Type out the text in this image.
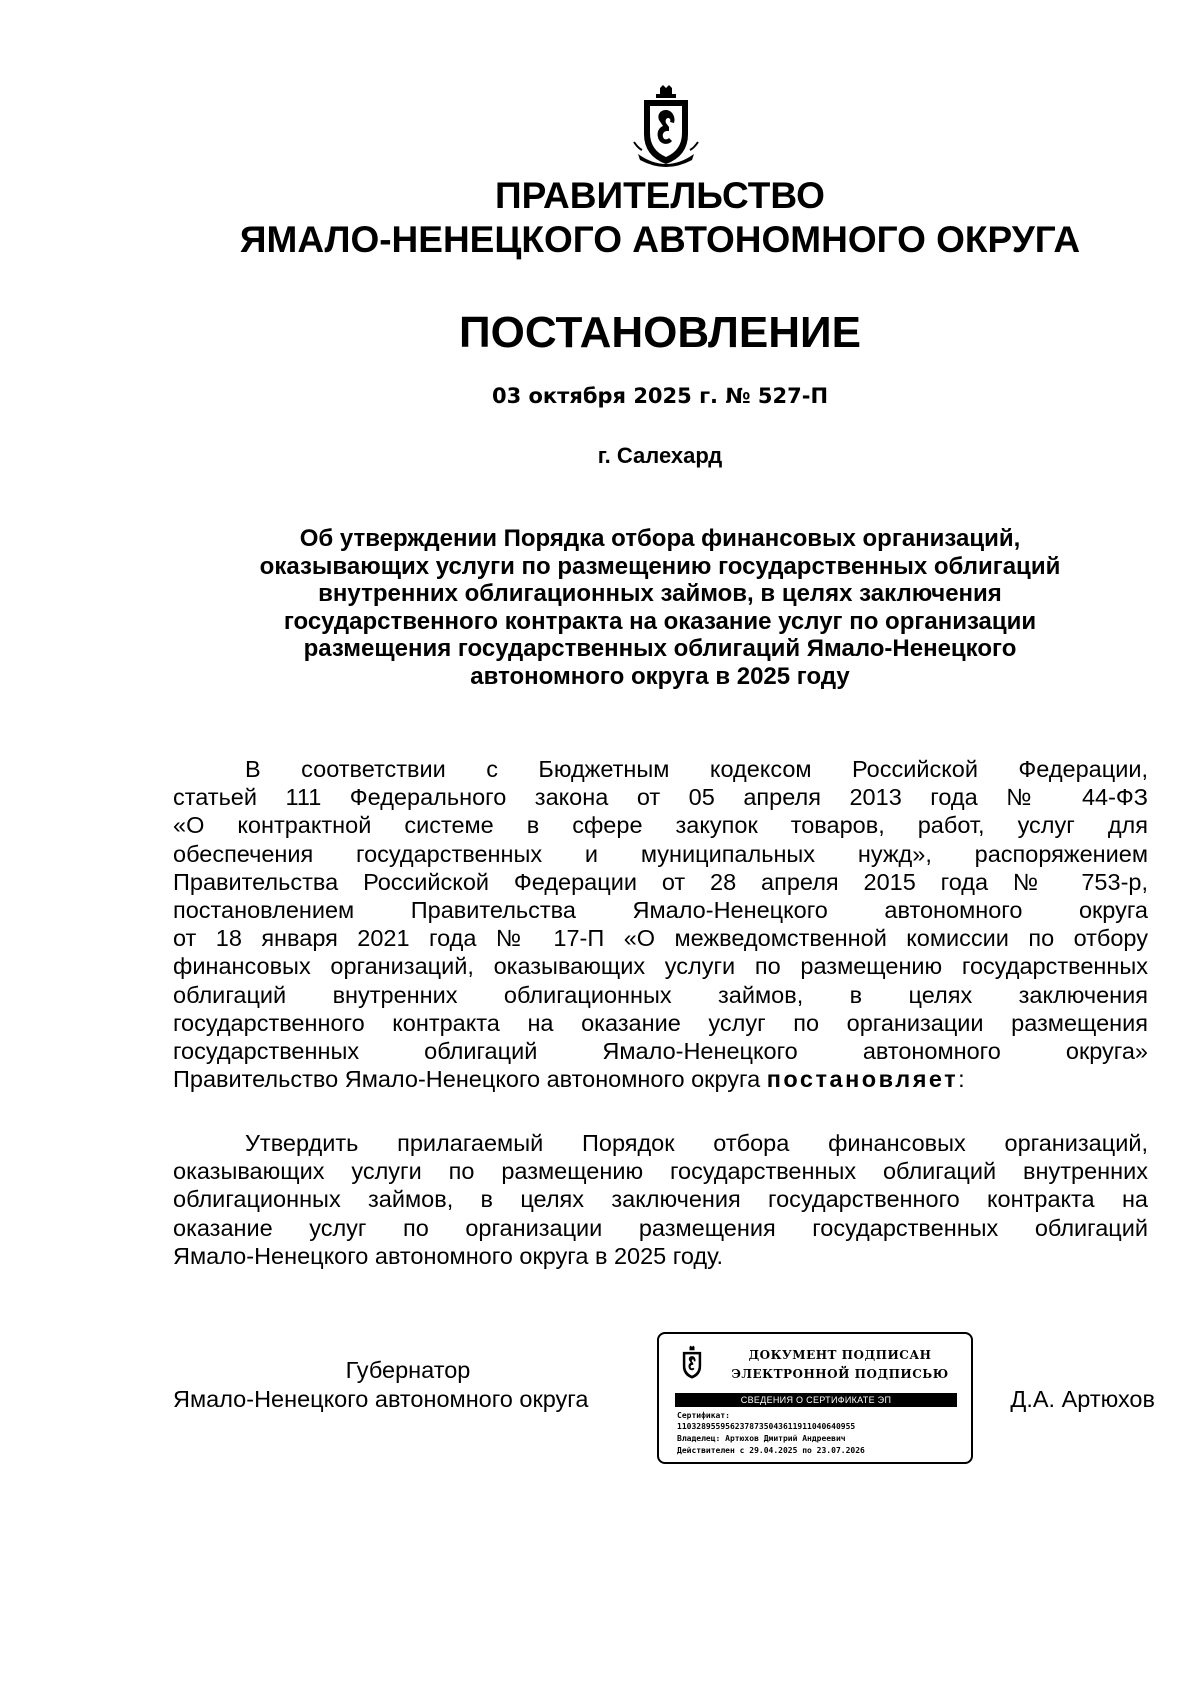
ПРАВИТЕЛЬСТВО
ЯМАЛО-НЕНЕЦКОГО АВТОНОМНОГО ОКРУГА
ПОСТАНОВЛЕНИЕ
03 октября 2025 г. № 527-П
г. Салехард
Об утверждении Порядка отбора финансовых организаций,
оказывающих услуги по размещению государственных облигаций
внутренних облигационных займов, в целях заключения
государственного контракта на оказание услуг по организации
размещения государственных облигаций Ямало-Ненецкого
автономного округа в 2025 году
В соответствии с Бюджетным кодексом Российской Федерации,
статьей 111 Федерального закона от 05 апреля 2013 года № 44-ФЗ
«О контрактной системе в сфере закупок товаров, работ, услуг для
обеспечения государственных и муниципальных нужд», распоряжением
Правительства Российской Федерации от 28 апреля 2015 года № 753-р,
постановлением Правительства Ямало-Ненецкого автономного округа
от 18 января 2021 года № 17-П «О межведомственной комиссии по отбору
финансовых организаций, оказывающих услуги по размещению государственных
облигаций внутренних облигационных займов, в целях заключения
государственного контракта на оказание услуг по организации размещения
государственных облигаций Ямало-Ненецкого автономного округа»
Правительство Ямало-Ненецкого автономного округа постановляет:
Утвердить прилагаемый Порядок отбора финансовых организаций,
оказывающих услуги по размещению государственных облигаций внутренних
облигационных займов, в целях заключения государственного контракта на
оказание услуг по организации размещения государственных облигаций
Ямало-Ненецкого автономного округа в 2025 году.
Губернатор
Ямало-Ненецкого автономного округа
ДОКУМЕНТ ПОДПИСАН
ЭЛЕКТРОННОЙ ПОДПИСЬЮ
СВЕДЕНИЯ О СЕРТИФИКАТЕ ЭП
Сертификат:
1103289559562378735043611911040640955
Владелец: Артюхов Дмитрий Андреевич
Действителен с 29.04.2025 по 23.07.2026
Д.А. Артюхов
